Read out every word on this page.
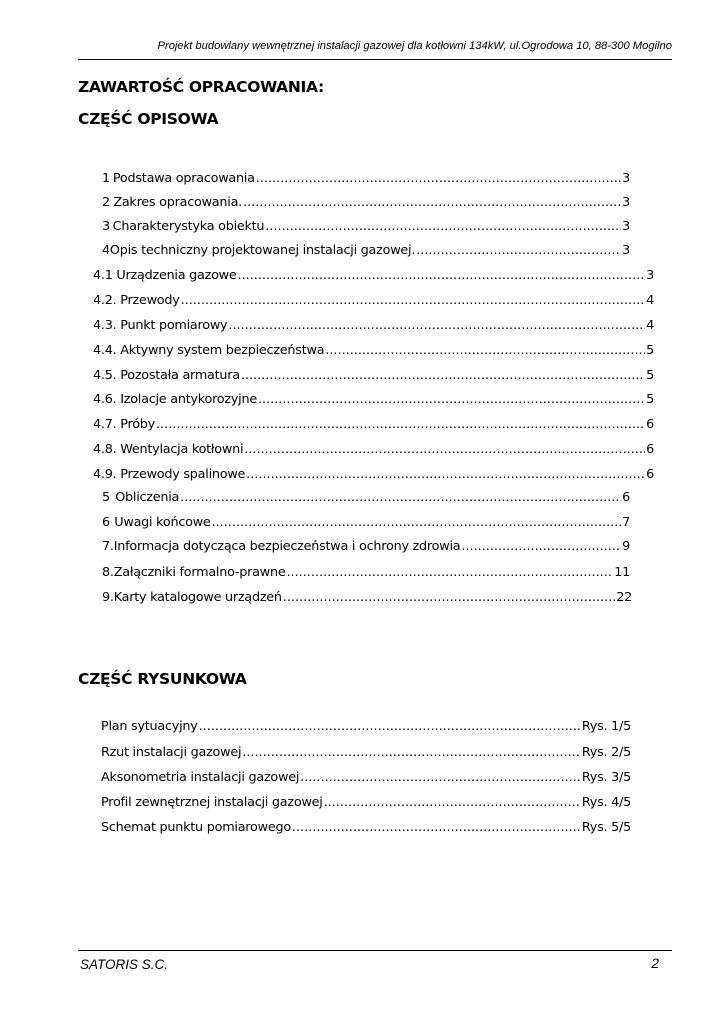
Projekt budowlany wewnętrznej instalacji gazowej dla kotłowni 134kW, ul.Ogrodowa 10, 88-300 Mogilno
ZAWARTOŚĆ OPRACOWANIA:
CZĘŚĆ OPISOWA
1 Podstawa opracowania .....	3
2 Zakres opracowania. .....	3
3 Charakterystyka obiektu .....	3
4 Opis techniczny projektowanej instalacji gazowej. .....	3
4.1 Urządzenia gazowe .....	3
4.2. Przewody .....	4
4.3. Punkt pomiarowy .....	4
4.4. Aktywny system bezpieczeństwa .....	5
4.5. Pozostała armatura .....	5
4.6. Izolacje antykorozyjne .....	5
4.7. Próby .....	6
4.8. Wentylacja kotłowni .....	6
4.9. Przewody spalinowe .....	6
5 Obliczenia .....	6
6 Uwagi końcowe .....	7
7. Informacja dotycząca bezpieczeństwa i ochrony zdrowia .....	9
8. Załączniki formalno-prawne .....	11
9. Karty katalogowe urządzeń .....	22
CZĘŚĆ RYSUNKOWA
Plan sytuacyjny .....	Rys. 1/5
Rzut instalacji gazowej .....	Rys. 2/5
Aksonometria instalacji gazowej .....	Rys. 3/5
Profil zewnętrznej instalacji gazowej .....	Rys. 4/5
Schemat punktu pomiarowego .....	Rys. 5/5
SATORIS S.C.	2
